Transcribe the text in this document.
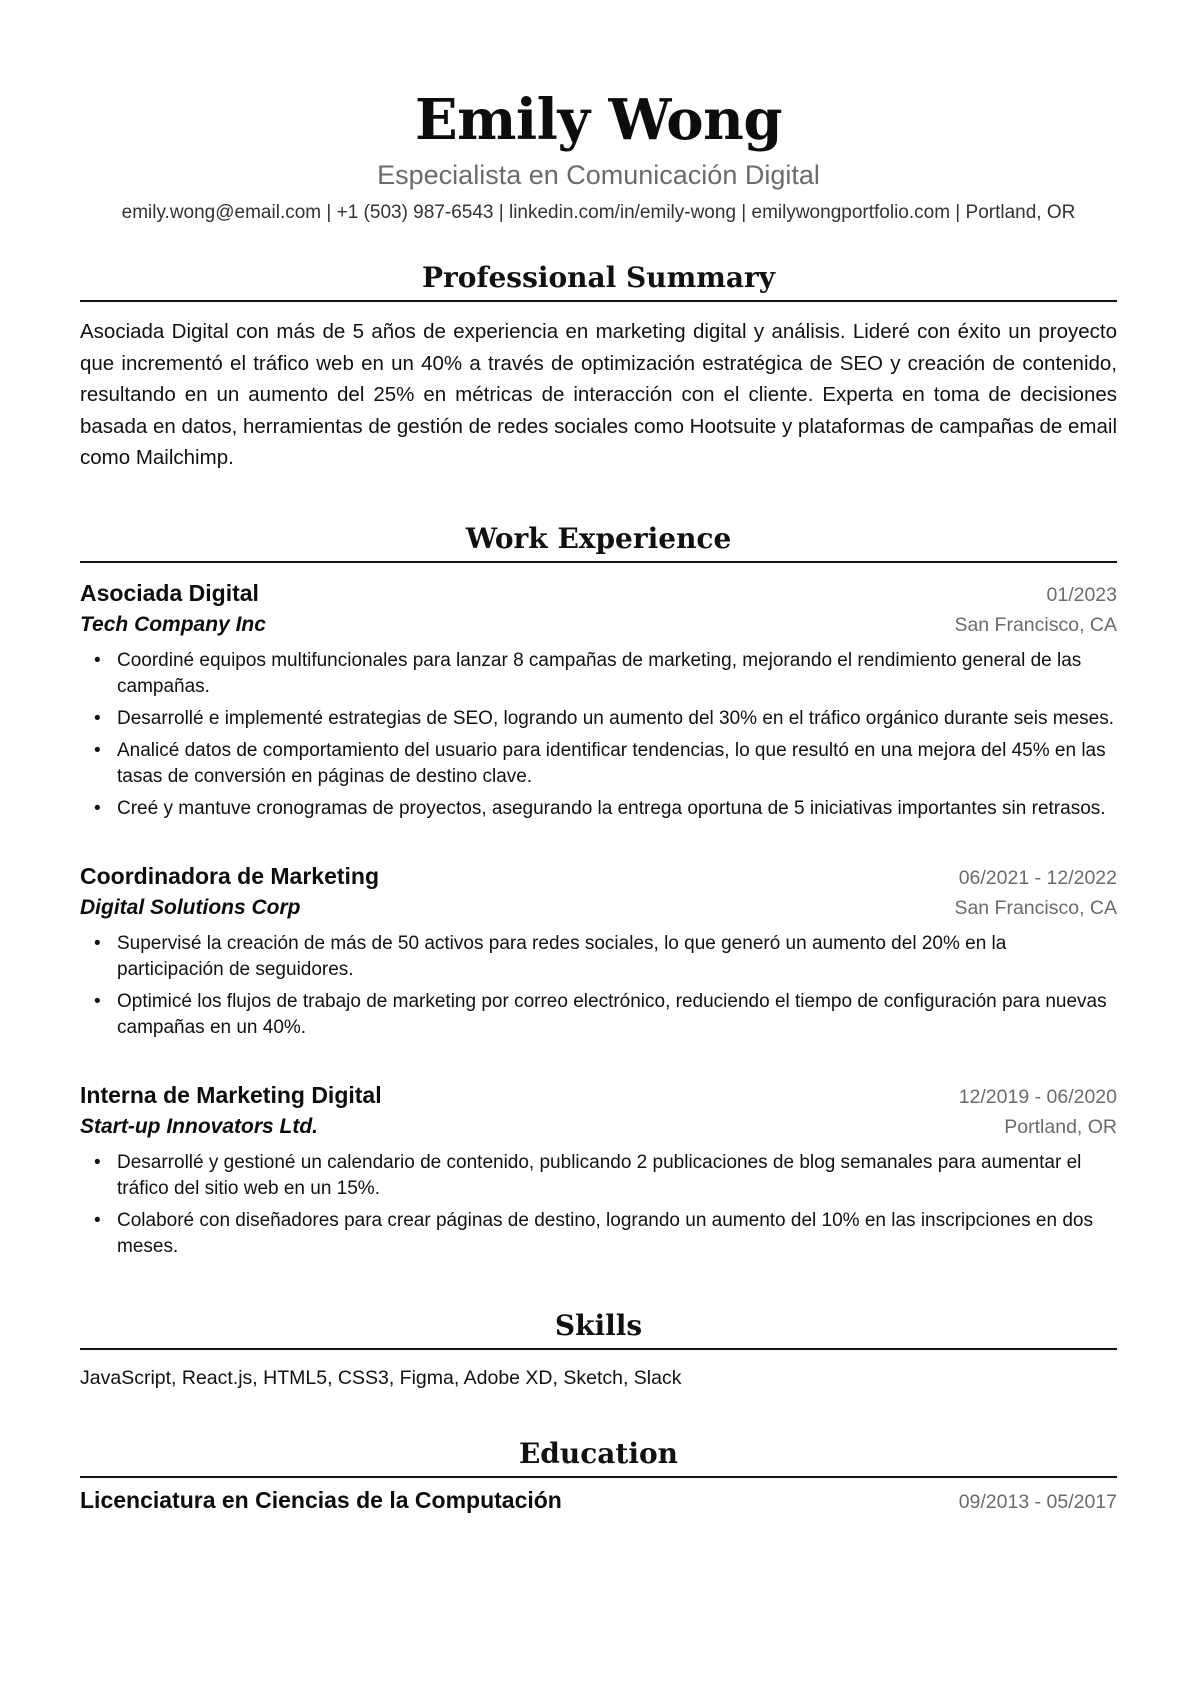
Emily Wong
Especialista en Comunicación Digital
emily.wong@email.com | +1 (503) 987-6543 | linkedin.com/in/emily-wong | emilywongportfolio.com | Portland, OR
Professional Summary
Asociada Digital con más de 5 años de experiencia en marketing digital y análisis. Lideré con éxito un proyecto que incrementó el tráfico web en un 40% a través de optimización estratégica de SEO y creación de contenido, resultando en un aumento del 25% en métricas de interacción con el cliente. Experta en toma de decisiones basada en datos, herramientas de gestión de redes sociales como Hootsuite y plataformas de campañas de email como Mailchimp.
Work Experience
Asociada Digital	01/2023
Tech Company Inc	San Francisco, CA
• Coordiné equipos multifuncionales para lanzar 8 campañas de marketing, mejorando el rendimiento general de las campañas.
• Desarrollé e implementé estrategias de SEO, logrando un aumento del 30% en el tráfico orgánico durante seis meses.
• Analicé datos de comportamiento del usuario para identificar tendencias, lo que resultó en una mejora del 45% en las tasas de conversión en páginas de destino clave.
• Creé y mantuve cronogramas de proyectos, asegurando la entrega oportuna de 5 iniciativas importantes sin retrasos.
Coordinadora de Marketing	06/2021 - 12/2022
Digital Solutions Corp	San Francisco, CA
• Supervisé la creación de más de 50 activos para redes sociales, lo que generó un aumento del 20% en la participación de seguidores.
• Optimicé los flujos de trabajo de marketing por correo electrónico, reduciendo el tiempo de configuración para nuevas campañas en un 40%.
Interna de Marketing Digital	12/2019 - 06/2020
Start-up Innovators Ltd.	Portland, OR
• Desarrollé y gestioné un calendario de contenido, publicando 2 publicaciones de blog semanales para aumentar el tráfico del sitio web en un 15%.
• Colaboré con diseñadores para crear páginas de destino, logrando un aumento del 10% en las inscripciones en dos meses.
Skills
JavaScript, React.js, HTML5, CSS3, Figma, Adobe XD, Sketch, Slack
Education
Licenciatura en Ciencias de la Computación	09/2013 - 05/2017
